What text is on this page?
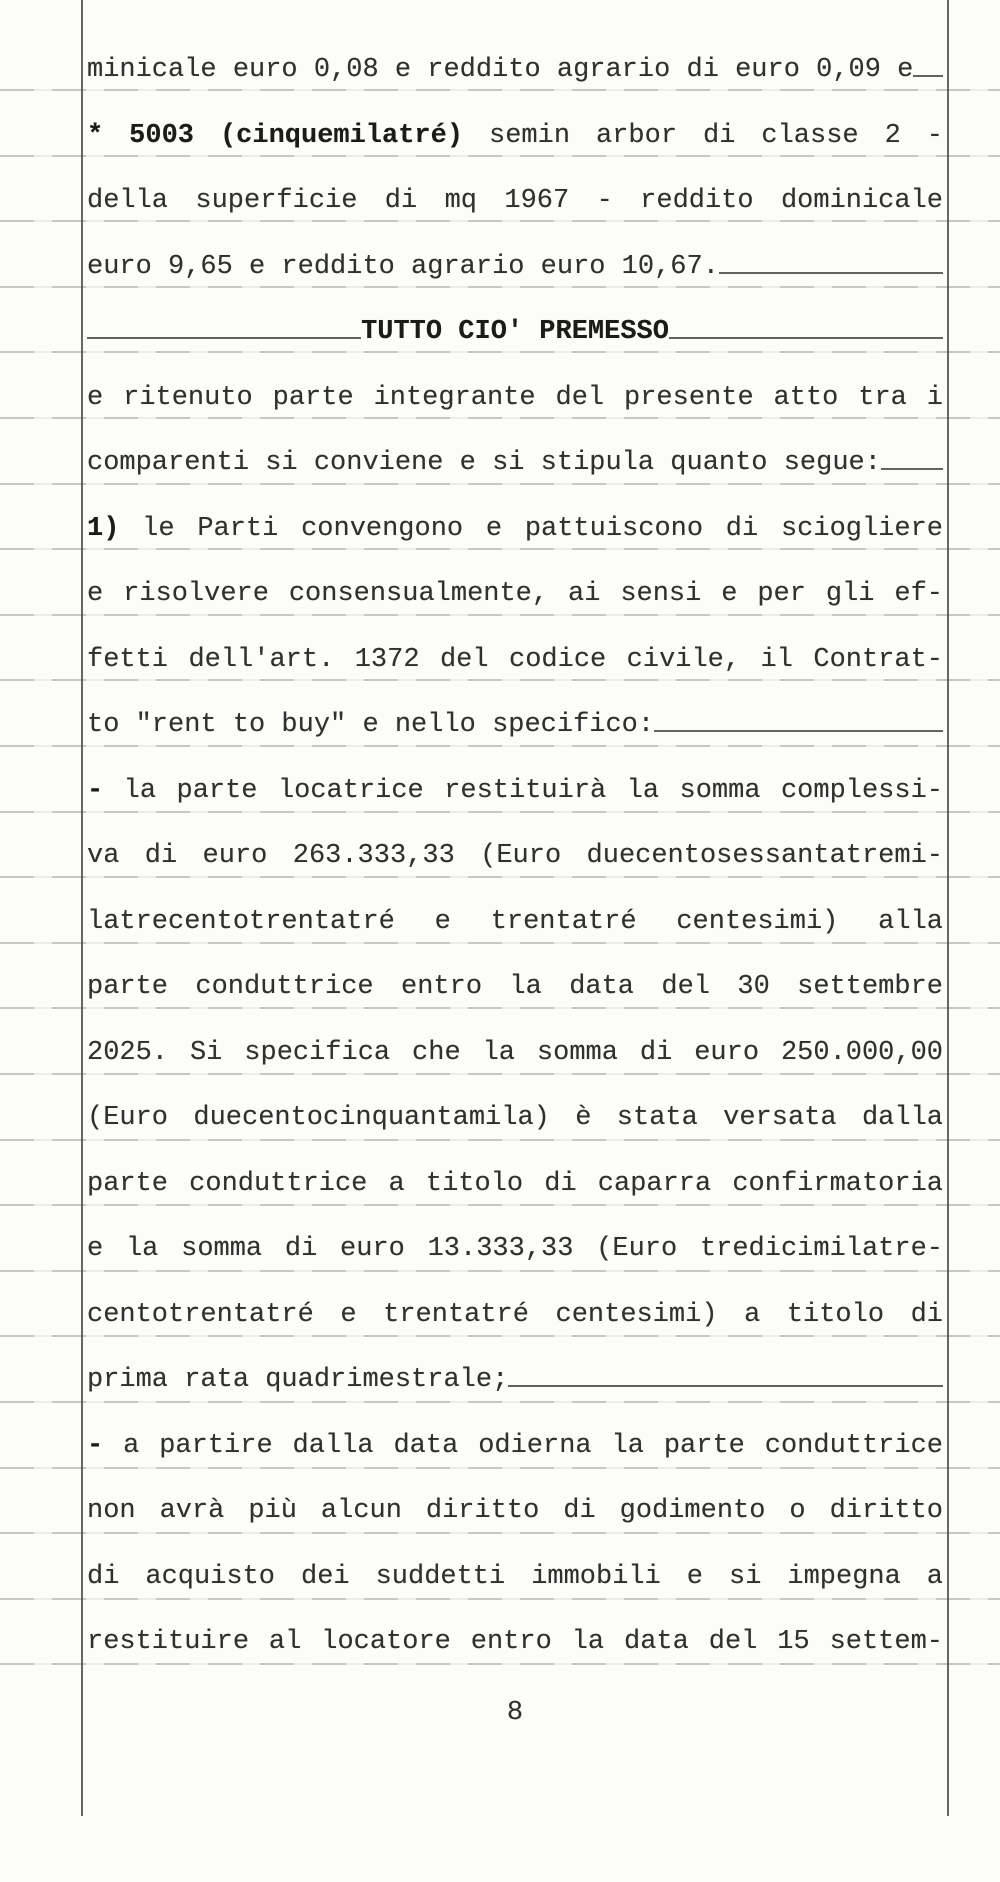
minicale euro 0,08 e reddito agrario di euro 0,09 e
* 5003 (cinquemilatré) semin arbor di classe 2 -
della superficie di mq 1967 - reddito dominicale
euro 9,65 e reddito agrario euro 10,67.
TUTTO CIO' PREMESSO
e ritenuto parte integrante del presente atto tra i
comparenti si conviene e si stipula quanto segue:
1) le Parti convengono e pattuiscono di sciogliere
e risolvere consensualmente, ai sensi e per gli ef-
fetti dell'art. 1372 del codice civile, il Contrat-
to "rent to buy" e nello specifico:
- la parte locatrice restituirà la somma complessi-
va di euro 263.333,33 (Euro duecentosessantatremi-
latrecentotrentatré e trentatré centesimi) alla
parte conduttrice entro la data del 30 settembre
2025. Si specifica che la somma di euro 250.000,00
(Euro duecentocinquantamila) è stata versata dalla
parte conduttrice a titolo di caparra confirmatoria
e la somma di euro 13.333,33 (Euro tredicimilatre-
centotrentatré e trentatré centesimi) a titolo di
prima rata quadrimestrale;
- a partire dalla data odierna la parte conduttrice
non avrà più alcun diritto di godimento o diritto
di acquisto dei suddetti immobili e si impegna a
restituire al locatore entro la data del 15 settem-
8
